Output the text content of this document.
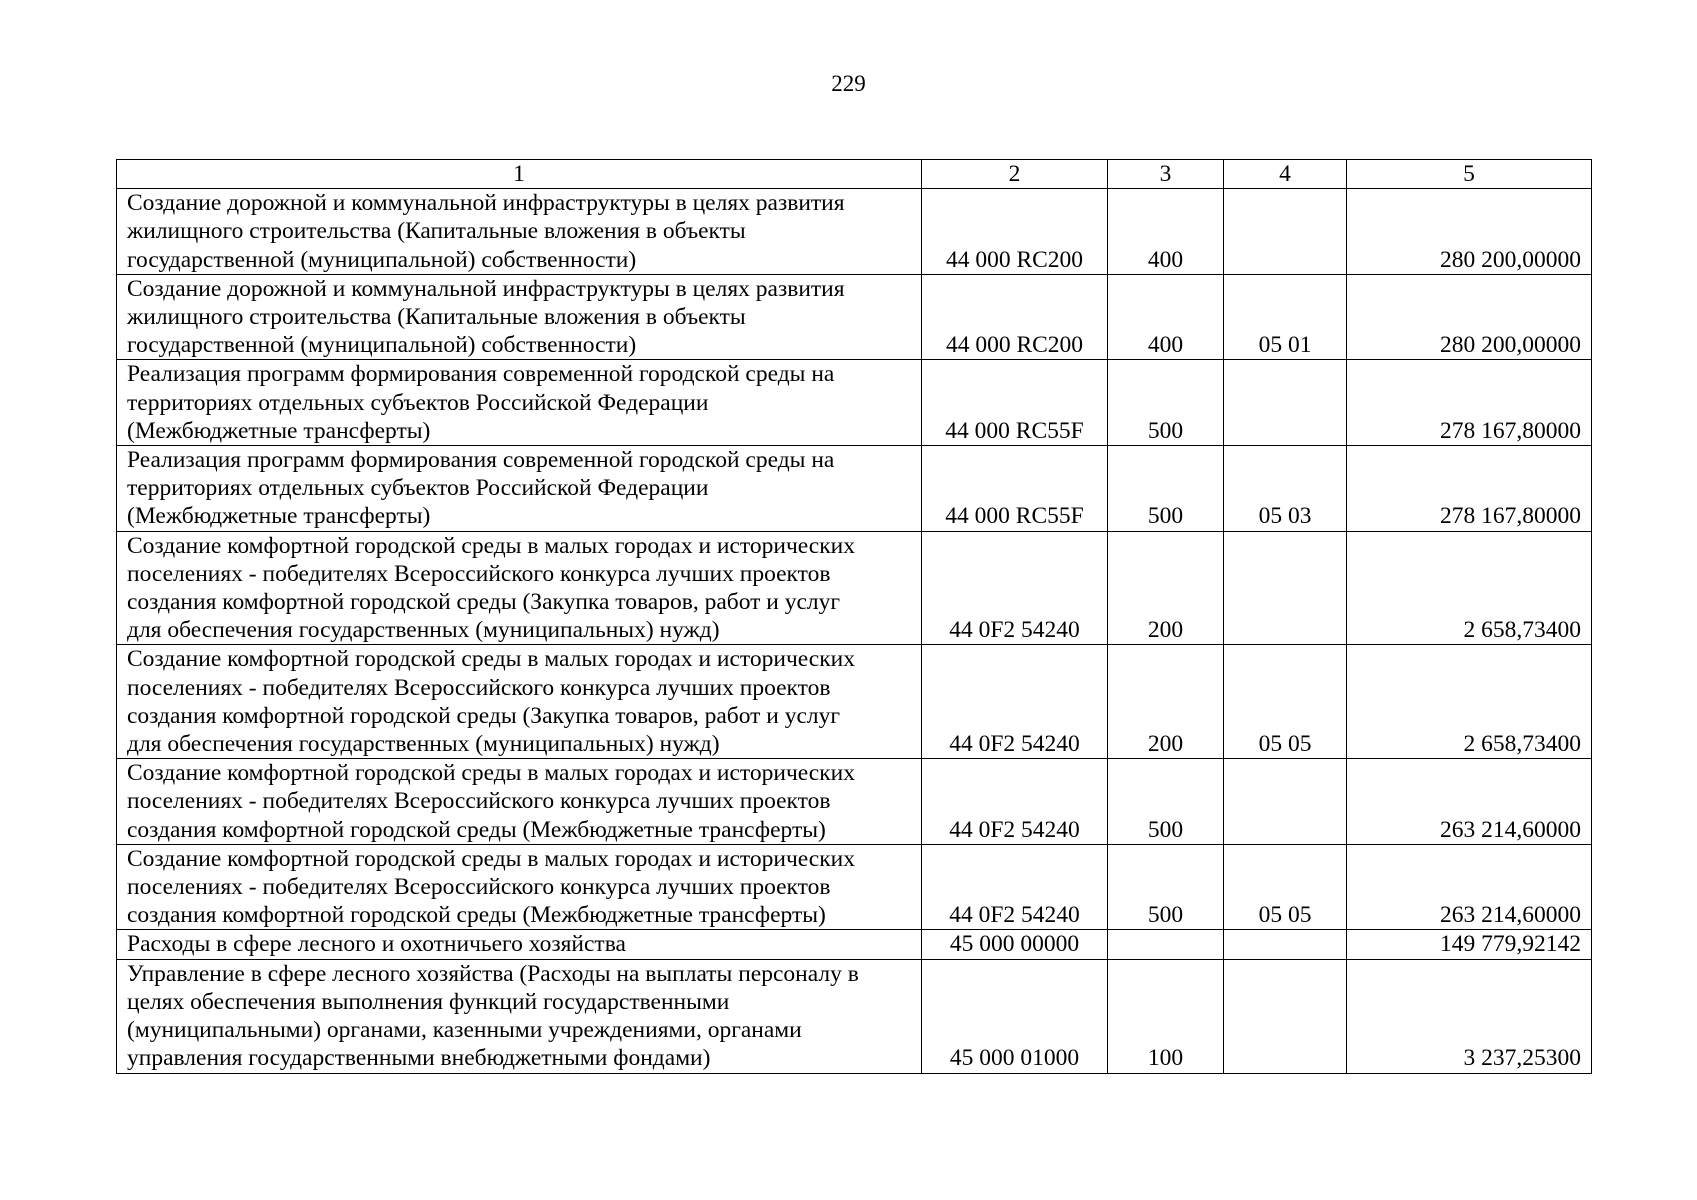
229
1	2	3	4	5

Создание дорожной и коммунальной инфраструктуры в целях развития
жилищного строительства (Капитальные вложения в объекты
государственной (муниципальной) собственности)	44 000 RC200	400		280 200,00000

Создание дорожной и коммунальной инфраструктуры в целях развития
жилищного строительства (Капитальные вложения в объекты
государственной (муниципальной) собственности)	44 000 RC200	400	05 01	280 200,00000

Реализация программ формирования современной городской среды на
территориях отдельных субъектов Российской Федерации
(Межбюджетные трансферты)	44 000 RC55F	500		278 167,80000

Реализация программ формирования современной городской среды на
территориях отдельных субъектов Российской Федерации
(Межбюджетные трансферты)	44 000 RC55F	500	05 03	278 167,80000

Создание комфортной городской среды в малых городах и исторических
поселениях - победителях Всероссийского конкурса лучших проектов
создания комфортной городской среды (Закупка товаров, работ и услуг
для обеспечения государственных (муниципальных) нужд)	44 0F2 54240	200		2 658,73400

Создание комфортной городской среды в малых городах и исторических
поселениях - победителях Всероссийского конкурса лучших проектов
создания комфортной городской среды (Закупка товаров, работ и услуг
для обеспечения государственных (муниципальных) нужд)	44 0F2 54240	200	05 05	2 658,73400

Создание комфортной городской среды в малых городах и исторических
поселениях - победителях Всероссийского конкурса лучших проектов
создания комфортной городской среды (Межбюджетные трансферты)	44 0F2 54240	500		263 214,60000

Создание комфортной городской среды в малых городах и исторических
поселениях - победителях Всероссийского конкурса лучших проектов
создания комфортной городской среды (Межбюджетные трансферты)	44 0F2 54240	500	05 05	263 214,60000

Расходы в сфере лесного и охотничьего хозяйства	45 000 00000			149 779,92142

Управление в сфере лесного хозяйства (Расходы на выплаты персоналу в
целях обеспечения выполнения функций государственными
(муниципальными) органами, казенными учреждениями, органами
управления государственными внебюджетными фондами)	45 000 01000	100		3 237,25300
